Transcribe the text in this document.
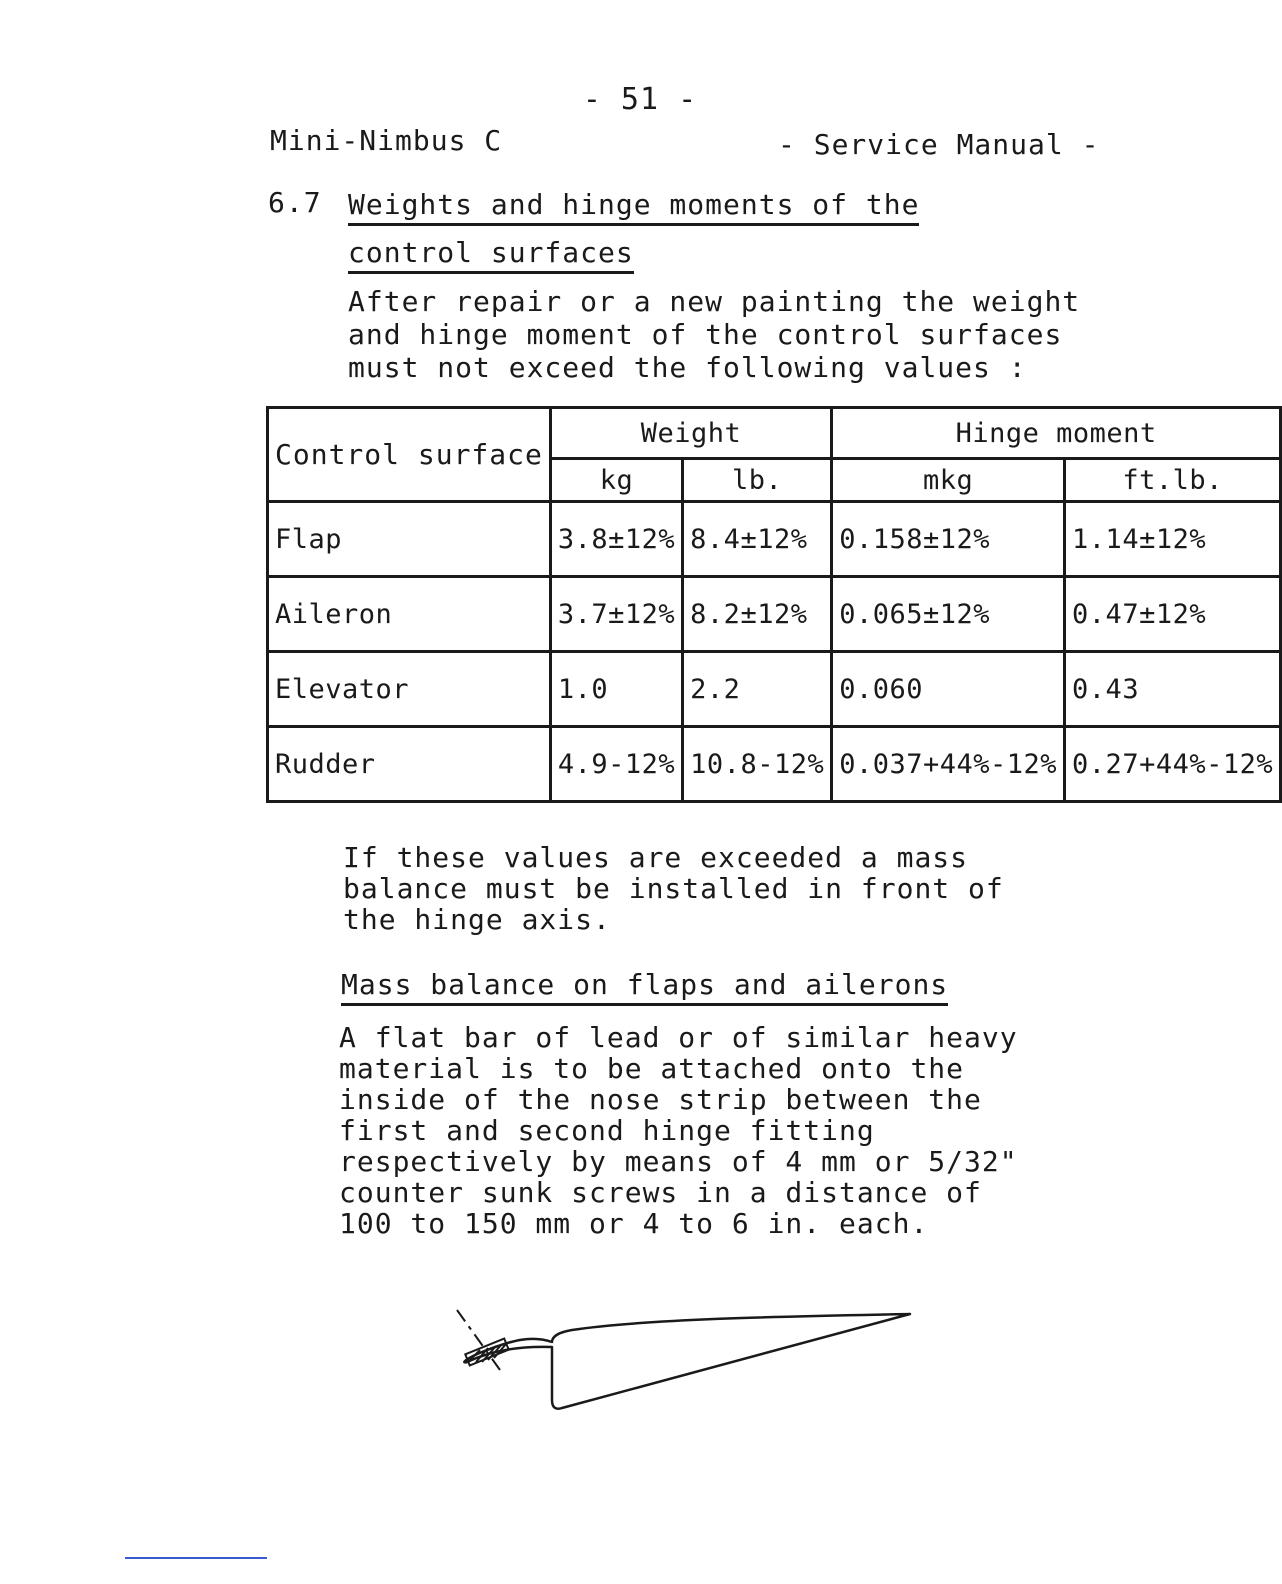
- 51 -
Mini-Nimbus C	- Service Manual -
6.7 Weights and hinge moments of the
control surfaces
After repair or a new painting the weight
and hinge moment of the control surfaces
must not exceed the following values :
Control surface	Weight		Hinge moment	
	kg	lb.	mkg	ft.lb.
Flap	3.8±12%	8.4±12%	0.158±12%	1.14±12%
Aileron	3.7±12%	8.2±12%	0.065±12%	0.47±12%
Elevator	1.0	2.2	0.060	0.43
Rudder	4.9-12%	10.8-12%	0.037+44%-12%	0.27+44%-12%
If these values are exceeded a mass
balance must be installed in front of
the hinge axis.
Mass balance on flaps and ailerons
A flat bar of lead or of similar heavy
material is to be attached onto the
inside of the nose strip between the
first and second hinge fitting
respectively by means of 4 mm or 5/32"
counter sunk screws in a distance of
100 to 150 mm or 4 to 6 in. each.
